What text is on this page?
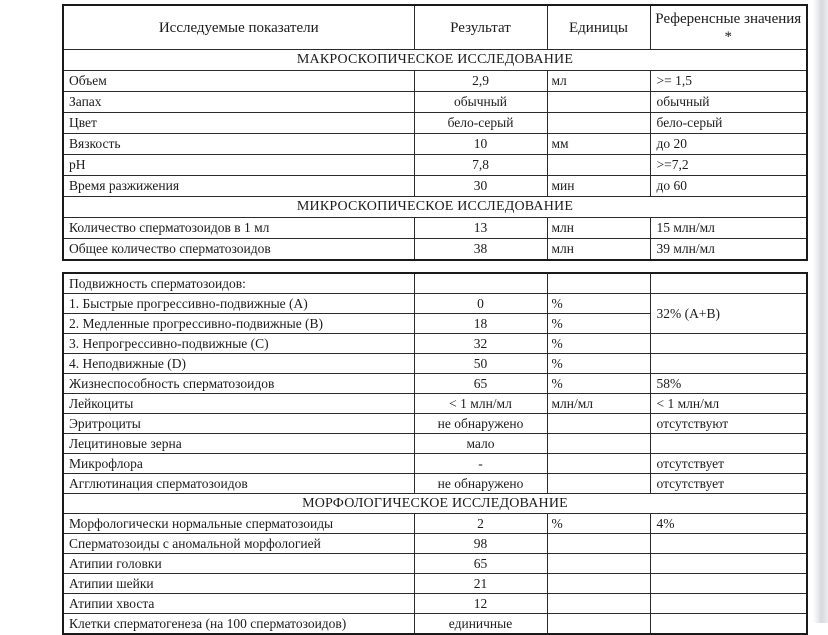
Исследуемые показатели	Результат	Единицы	Референсные значения *
МАКРОСКОПИЧЕСКОЕ ИССЛЕДОВАНИЕ			
Объем	2,9	мл	>= 1,5
Запах	обычный		обычный
Цвет	бело-серый		бело-серый
Вязкость	10	мм	до 20
pH	7,8		>=7,2
Время разжижения	30	мин	до 60
МИКРОСКОПИЧЕСКОЕ ИССЛЕДОВАНИЕ			
Количество сперматозоидов в 1 мл	13	млн	15 млн/мл
Общее количество сперматозоидов	38	млн	39 млн/мл
Подвижность сперматозоидов:			
1. Быстрые прогрессивно-подвижные (A)	0	%	32% (A+B)
2. Медленные прогрессивно-подвижные (B)	18	%	
3. Непрогрессивно-подвижные (C)	32	%	
4. Неподвижные (D)	50	%	
Жизнеспособность сперматозоидов	65	%	58%
Лейкоциты	< 1 млн/мл	млн/мл	< 1 млн/мл
Эритроциты	не обнаружено		отсутствуют
Лецитиновые зерна	мало		
Микрофлора	-		отсутствует
Агглютинация сперматозоидов	не обнаружено		отсутствует
МОРФОЛОГИЧЕСКОЕ ИССЛЕДОВАНИЕ			
Морфологически нормальные сперматозоиды	2	%	4%
Сперматозоиды с аномальной морфологией	98		
Атипии головки	65		
Атипии шейки	21		
Атипии хвоста	12		
Клетки сперматогенеза (на 100 сперматозоидов)	единичные		
